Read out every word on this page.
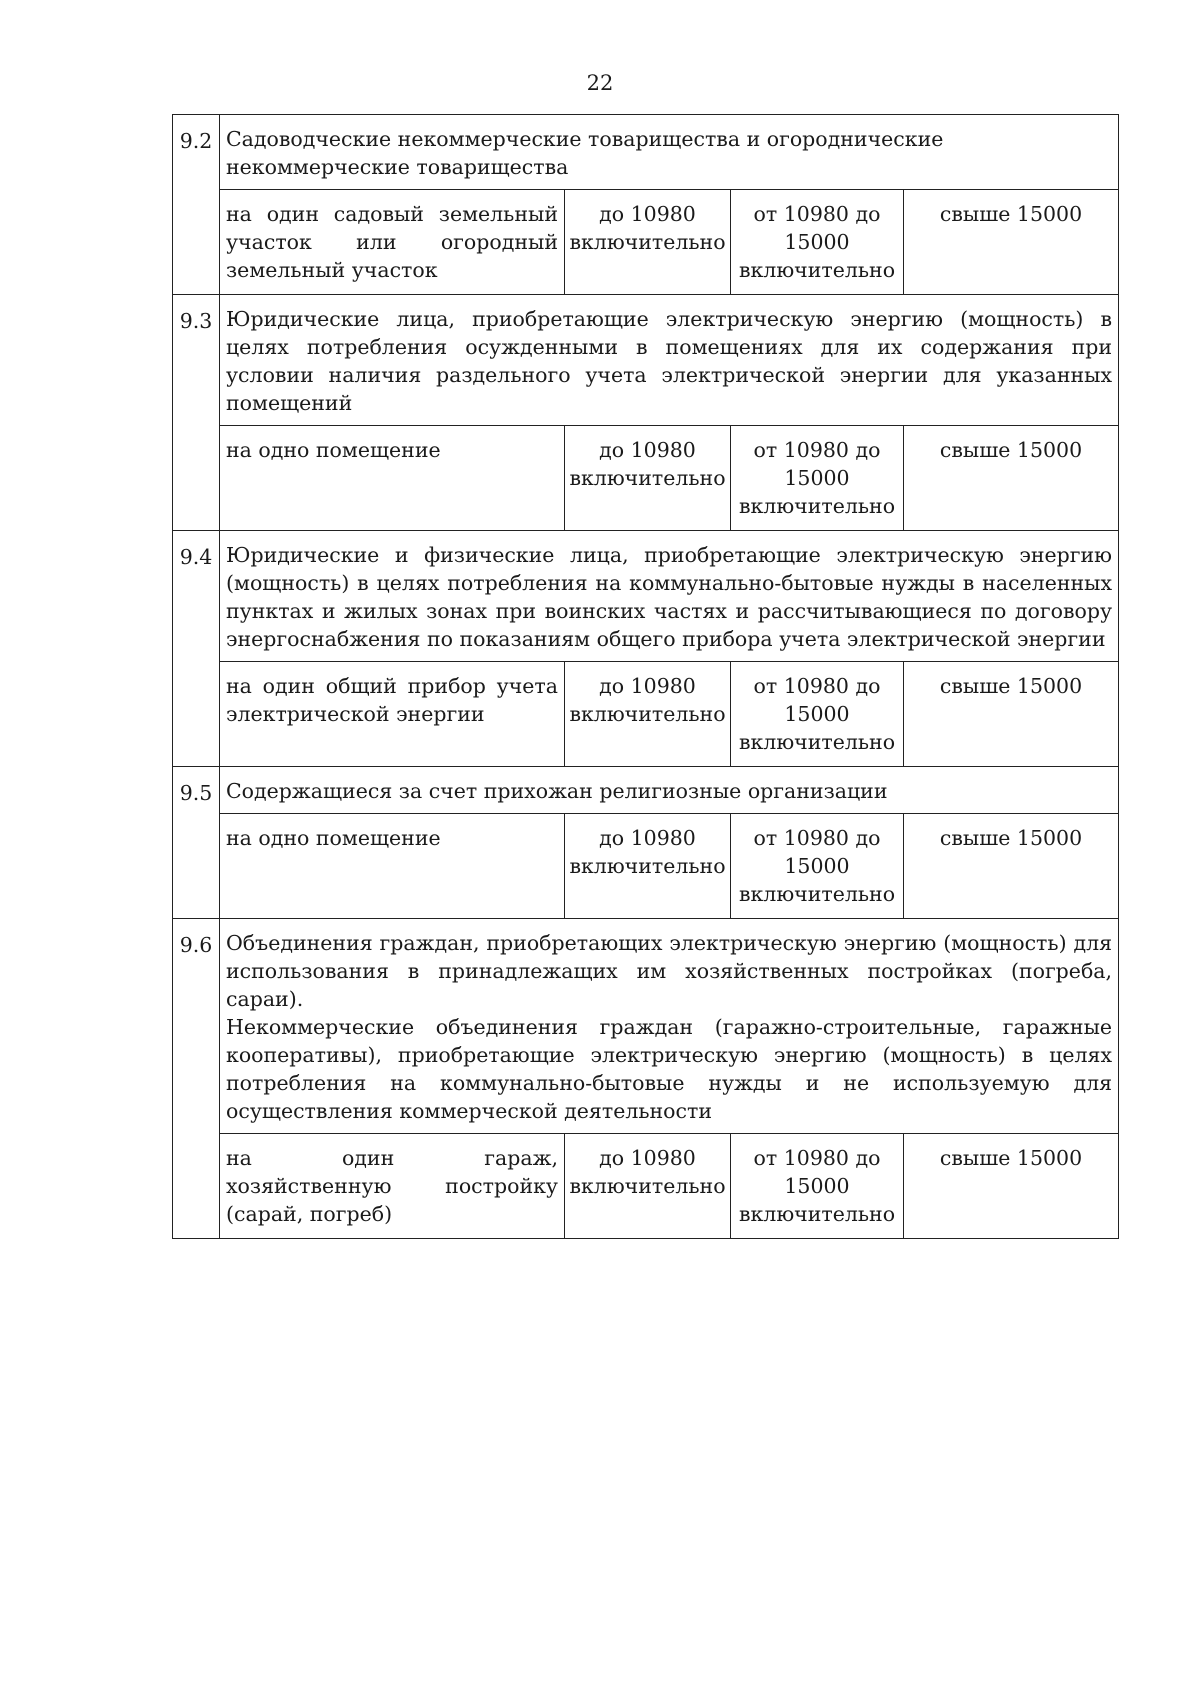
22
9.2	Садоводческие некоммерческие товарищества и огороднические некоммерческие товарищества			
	на один садовый земельный участок или огородный земельный участок	до 10980 включительно	от 10980 до 15000 включительно	свыше 15000
9.3	Юридические лица, приобретающие электрическую энергию (мощность) в целях потребления осужденными в помещениях для их содержания при условии наличия раздельного учета электрической энергии для указанных помещений			
	на одно помещение	до 10980 включительно	от 10980 до 15000 включительно	свыше 15000
9.4	Юридические и физические лица, приобретающие электрическую энергию (мощность) в целях потребления на коммунально-бытовые нужды в населенных пунктах и жилых зонах при воинских частях и рассчитывающиеся по договору энергоснабжения по показаниям общего прибора учета электрической энергии			
	на один общий прибор учета электрической энергии	до 10980 включительно	от 10980 до 15000 включительно	свыше 15000
9.5	Содержащиеся за счет прихожан религиозные организации			
	на одно помещение	до 10980 включительно	от 10980 до 15000 включительно	свыше 15000
9.6	Объединения граждан, приобретающих электрическую энергию (мощность) для использования в принадлежащих им хозяйственных постройках (погреба, сараи).
Некоммерческие объединения граждан (гаражно-строительные, гаражные кооперативы), приобретающие электрическую энергию (мощность) в целях потребления на коммунально-бытовые нужды и не используемую для осуществления коммерческой деятельности			

	на один гараж, хозяйственную постройку (сарай, погреб)	до 10980 включительно	от 10980 до 15000 включительно	свыше 15000
